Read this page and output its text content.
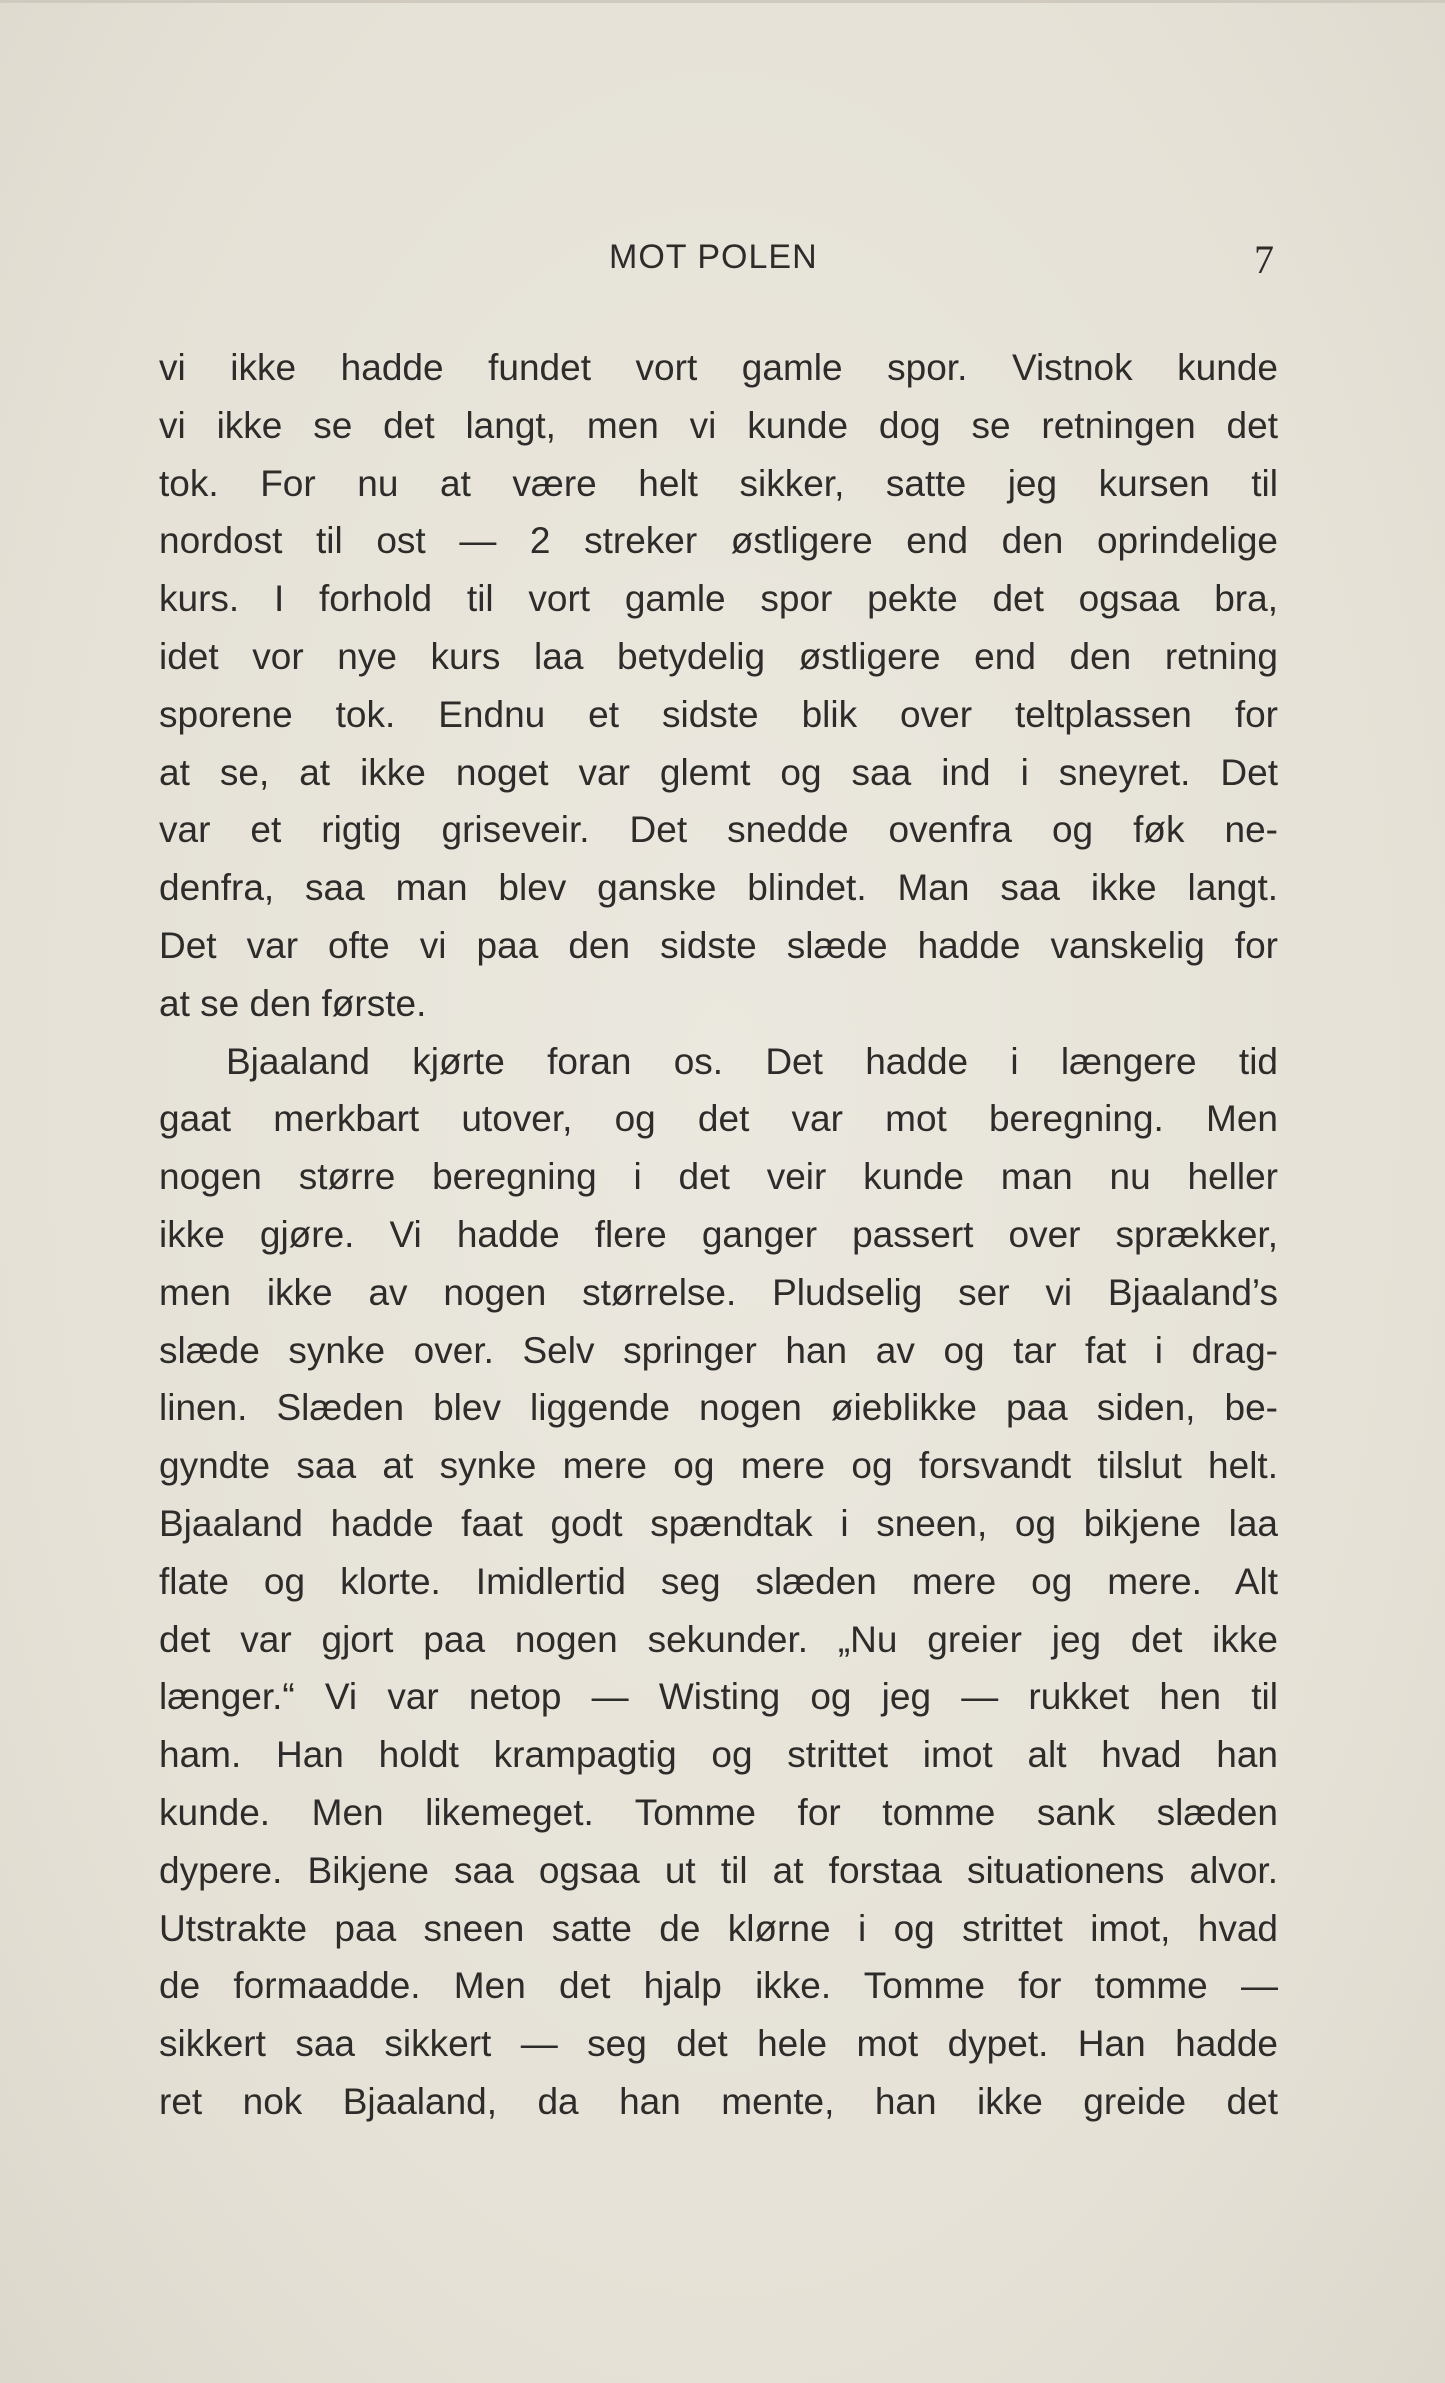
MOT POLEN	7
vi ikke hadde fundet vort gamle spor. Vistnok kunde
vi ikke se det langt, men vi kunde dog se retningen det
tok. For nu at være helt sikker, satte jeg kursen til
nordost til ost — 2 streker østligere end den oprindelige
kurs. I forhold til vort gamle spor pekte det ogsaa bra,
idet vor nye kurs laa betydelig østligere end den retning
sporene tok. Endnu et sidste blik over teltplassen for
at se, at ikke noget var glemt og saa ind i sneyret. Det
var et rigtig griseveir. Det snedde ovenfra og føk ne-
denfra, saa man blev ganske blindet. Man saa ikke langt.
Det var ofte vi paa den sidste slæde hadde vanskelig for
at se den første.
Bjaaland kjørte foran os. Det hadde i længere tid
gaat merkbart utover, og det var mot beregning. Men
nogen større beregning i det veir kunde man nu heller
ikke gjøre. Vi hadde flere ganger passert over sprækker,
men ikke av nogen størrelse. Pludselig ser vi Bjaaland’s
slæde synke over. Selv springer han av og tar fat i drag-
linen. Slæden blev liggende nogen øieblikke paa siden, be-
gyndte saa at synke mere og mere og forsvandt tilslut helt.
Bjaaland hadde faat godt spændtak i sneen, og bikjene laa
flate og klorte. Imidlertid seg slæden mere og mere. Alt
det var gjort paa nogen sekunder. „Nu greier jeg det ikke
længer.“ Vi var netop — Wisting og jeg — rukket hen til
ham. Han holdt krampagtig og strittet imot alt hvad han
kunde. Men likemeget. Tomme for tomme sank slæden
dypere. Bikjene saa ogsaa ut til at forstaa situationens alvor.
Utstrakte paa sneen satte de klørne i og strittet imot, hvad
de formaadde. Men det hjalp ikke. Tomme for tomme —
sikkert saa sikkert — seg det hele mot dypet. Han hadde
ret nok Bjaaland, da han mente, han ikke greide det
